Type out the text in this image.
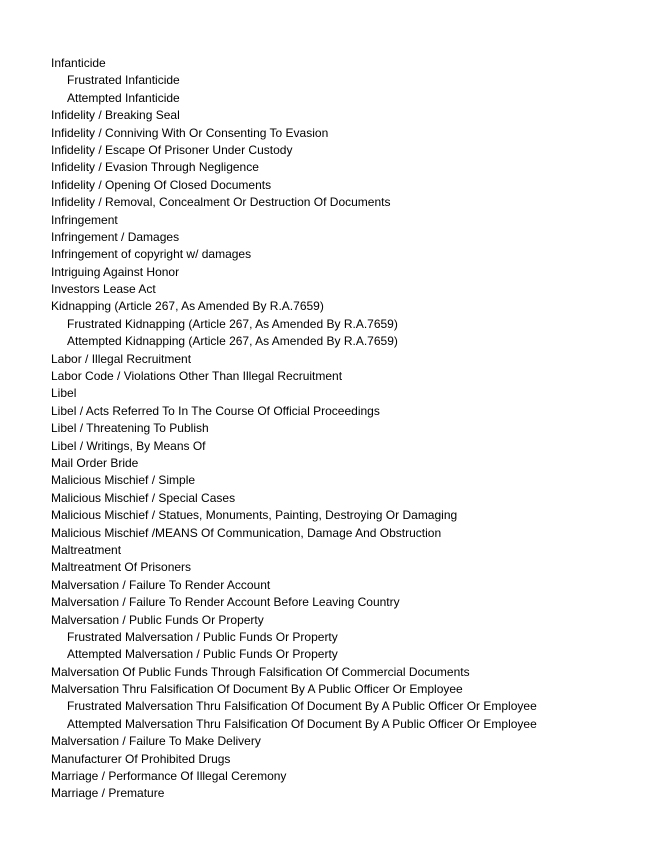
Infanticide
Frustrated Infanticide
Attempted Infanticide
Infidelity / Breaking Seal
Infidelity / Conniving With Or Consenting To Evasion
Infidelity / Escape Of Prisoner Under Custody
Infidelity / Evasion Through Negligence
Infidelity / Opening Of Closed Documents
Infidelity / Removal, Concealment Or Destruction Of Documents
Infringement
Infringement / Damages
Infringement of copyright w/ damages
Intriguing Against Honor
Investors Lease Act
Kidnapping (Article 267, As Amended By R.A.7659)
Frustrated Kidnapping (Article 267, As Amended By R.A.7659)
Attempted Kidnapping (Article 267, As Amended By R.A.7659)
Labor / Illegal Recruitment
Labor Code / Violations Other Than Illegal Recruitment
Libel
Libel / Acts Referred To In The Course Of Official Proceedings
Libel / Threatening To Publish
Libel / Writings, By Means Of
Mail Order Bride
Malicious Mischief / Simple
Malicious Mischief / Special Cases
Malicious Mischief / Statues, Monuments, Painting, Destroying Or Damaging
Malicious Mischief /MEANS Of Communication, Damage And Obstruction
Maltreatment
Maltreatment Of Prisoners
Malversation / Failure To Render Account
Malversation / Failure To Render Account Before Leaving Country
Malversation / Public Funds Or Property
Frustrated Malversation / Public Funds Or Property
Attempted Malversation / Public Funds Or Property
Malversation Of Public Funds Through Falsification Of Commercial Documents
Malversation Thru Falsification Of Document By A Public Officer Or Employee
Frustrated Malversation Thru Falsification Of Document By A Public Officer Or Employee
Attempted Malversation Thru Falsification Of Document By A Public Officer Or Employee
Malversation / Failure To Make Delivery
Manufacturer Of Prohibited Drugs
Marriage / Performance Of Illegal Ceremony
Marriage / Premature
